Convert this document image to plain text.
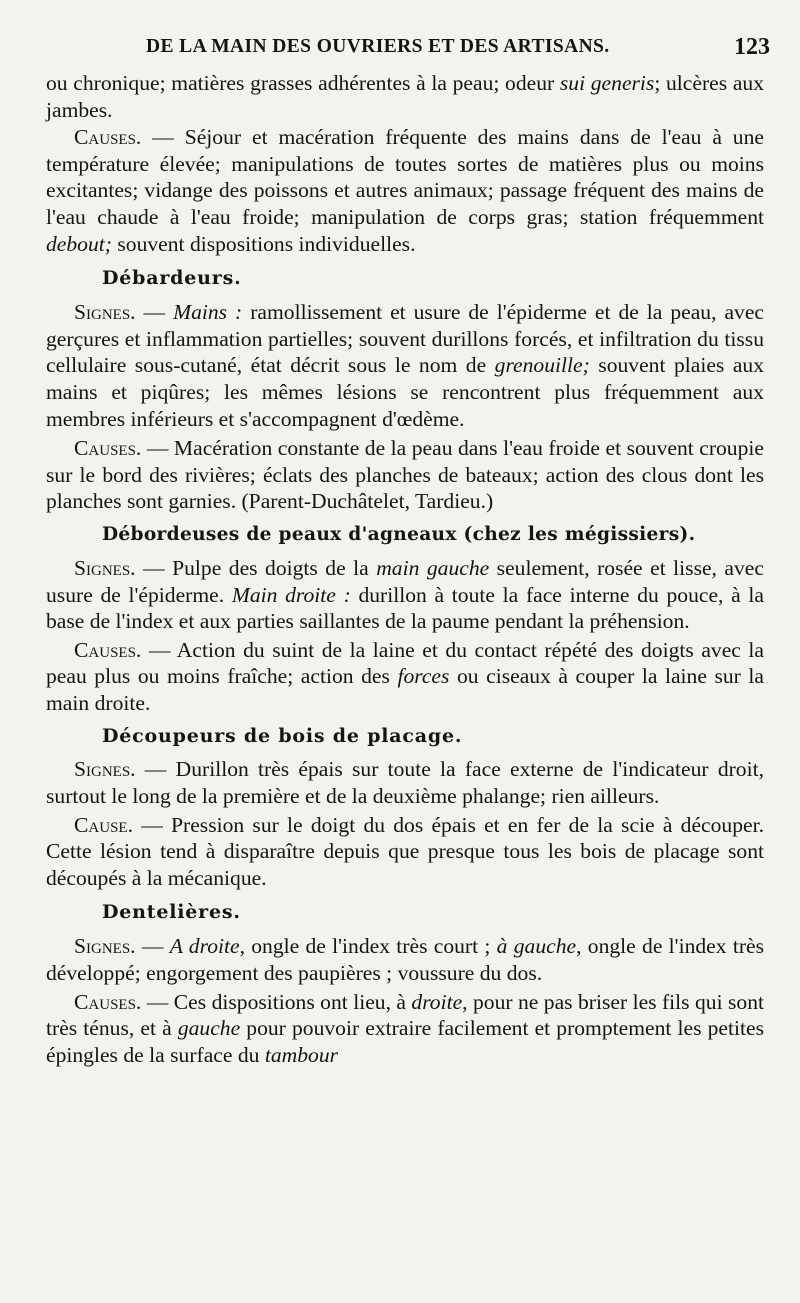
DE LA MAIN DES OUVRIERS ET DES ARTISANS.	123

ou chronique; matières grasses adhérentes à la peau; odeur sui generis; ulcères aux jambes.

Causes. — Séjour et macération fréquente des mains dans de l'eau à une température élevée; manipulations de toutes sortes de matières plus ou moins excitantes; vidange des poissons et autres animaux; passage fréquent des mains de l'eau chaude à l'eau froide; manipulation de corps gras; station fréquemment debout; souvent dispositions individuelles.

Débardeurs.

Signes. — Mains : ramollissement et usure de l'épiderme et de la peau, avec gerçures et inflammation partielles; souvent durillons forcés, et infiltration du tissu cellulaire sous-cutané, état décrit sous le nom de grenouille; souvent plaies aux mains et piqûres; les mêmes lésions se rencontrent plus fréquemment aux membres inférieurs et s'accompagnent d'œdème.

Causes. — Macération constante de la peau dans l'eau froide et souvent croupie sur le bord des rivières; éclats des planches de bateaux; action des clous dont les planches sont garnies. (Parent-Duchâtelet, Tardieu.)

Débordeuses de peaux d'agneaux (chez les mégissiers).

Signes. — Pulpe des doigts de la main gauche seulement, rosée et lisse, avec usure de l'épiderme. Main droite : durillon à toute la face interne du pouce, à la base de l'index et aux parties saillantes de la paume pendant la préhension.

Causes. — Action du suint de la laine et du contact répété des doigts avec la peau plus ou moins fraîche; action des forces ou ciseaux à couper la laine sur la main droite.

Découpeurs de bois de placage.

Signes. — Durillon très épais sur toute la face externe de l'indicateur droit, surtout le long de la première et de la deuxième phalange; rien ailleurs.

Cause. — Pression sur le doigt du dos épais et en fer de la scie à découper. Cette lésion tend à disparaître depuis que presque tous les bois de placage sont découpés à la mécanique.

Dentelières.

Signes. — A droite, ongle de l'index très court ; à gauche, ongle de l'index très développé; engorgement des paupières ; voussure du dos.

Causes. — Ces dispositions ont lieu, à droite, pour ne pas briser les fils qui sont très ténus, et à gauche pour pouvoir extraire facilement et promptement les petites épingles de la surface du tambour
